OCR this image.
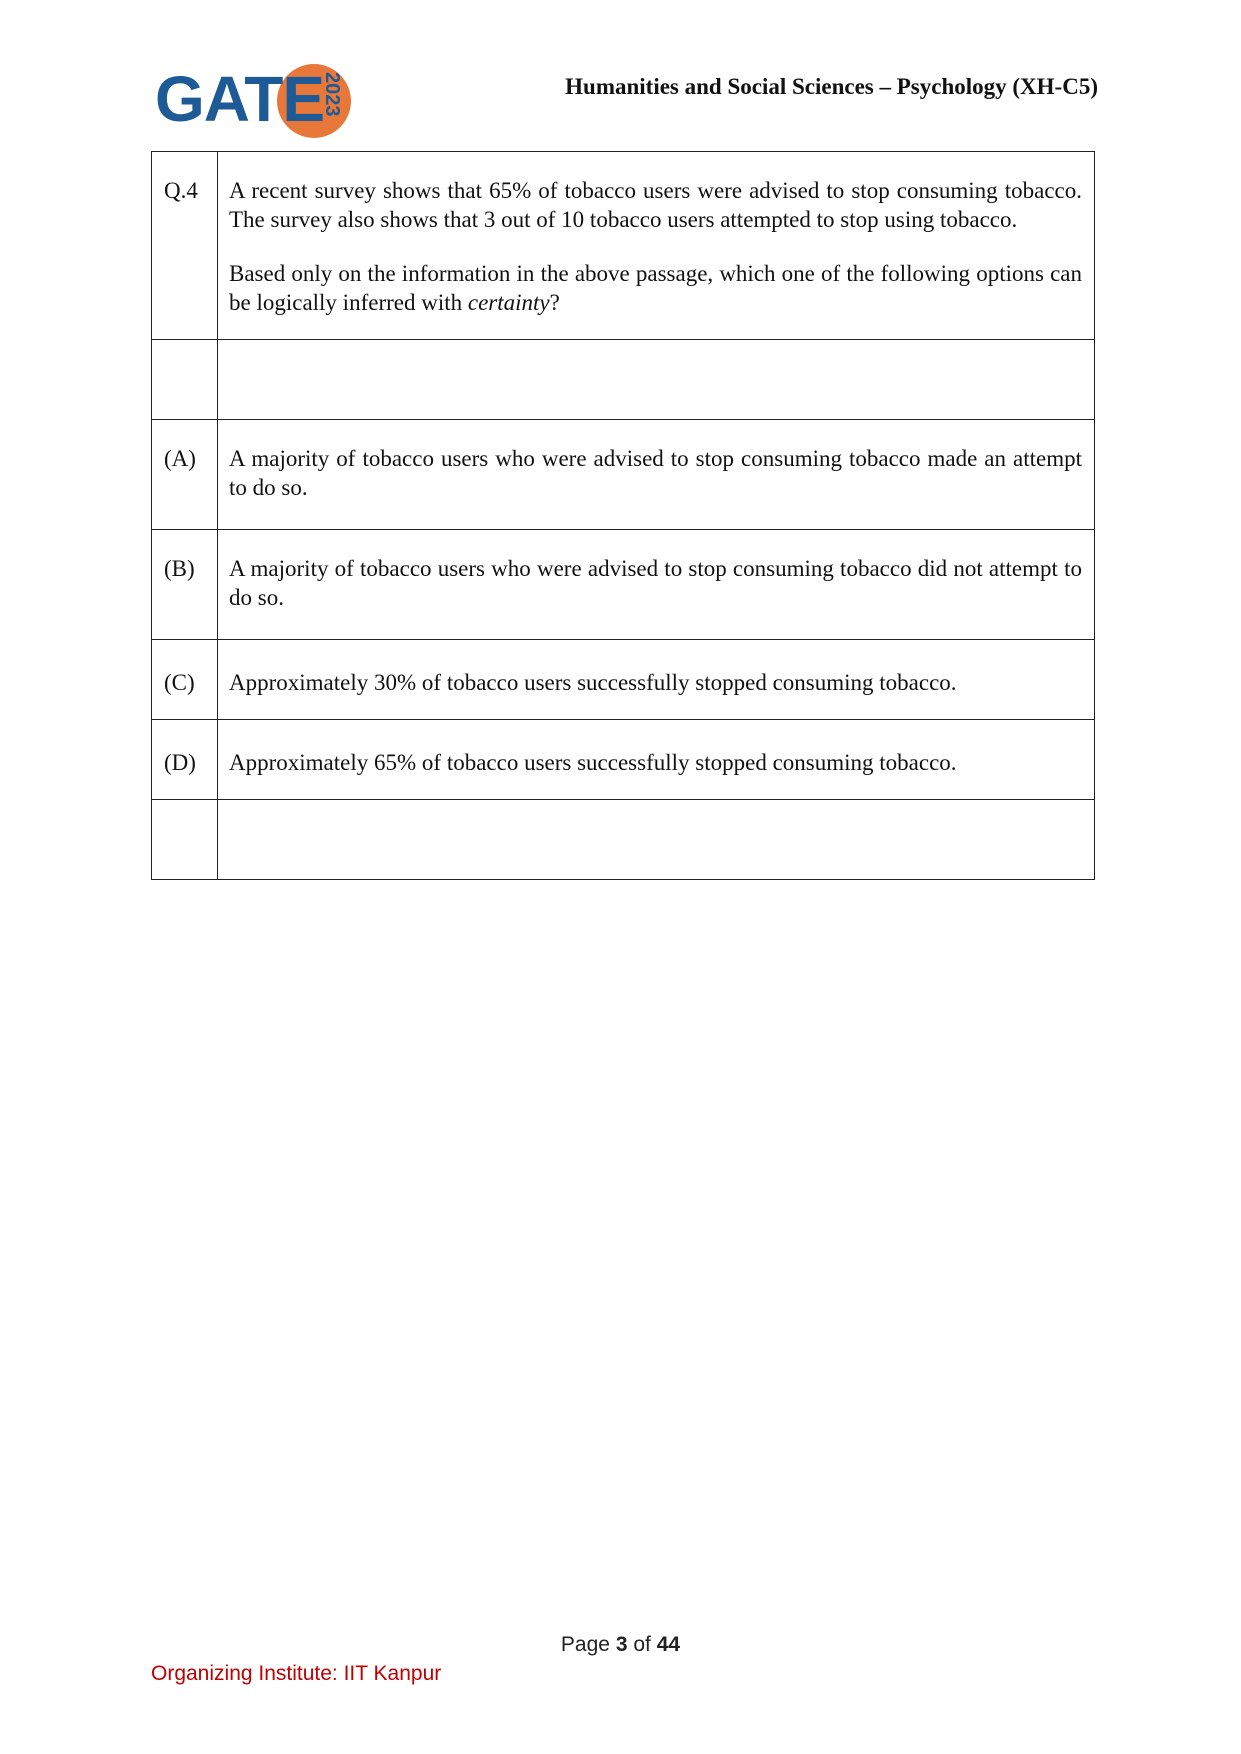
GATE
2023	Humanities and Social Sciences – Psychology (XH-C5)
Q.4	A recent survey shows that 65% of tobacco users were advised to stop consuming tobacco. The survey also shows that 3 out of 10 tobacco users attempted to stop using tobacco.

Based only on the information in the above passage, which one of the following options can be logically inferred with certainty?

(A)	A majority of tobacco users who were advised to stop consuming tobacco made an attempt to do so.
(B)	A majority of tobacco users who were advised to stop consuming tobacco did not attempt to do so.
(C)	Approximately 30% of tobacco users successfully stopped consuming tobacco.
(D)	Approximately 65% of tobacco users successfully stopped consuming tobacco.

Page 3 of 44
Organizing Institute: IIT Kanpur
